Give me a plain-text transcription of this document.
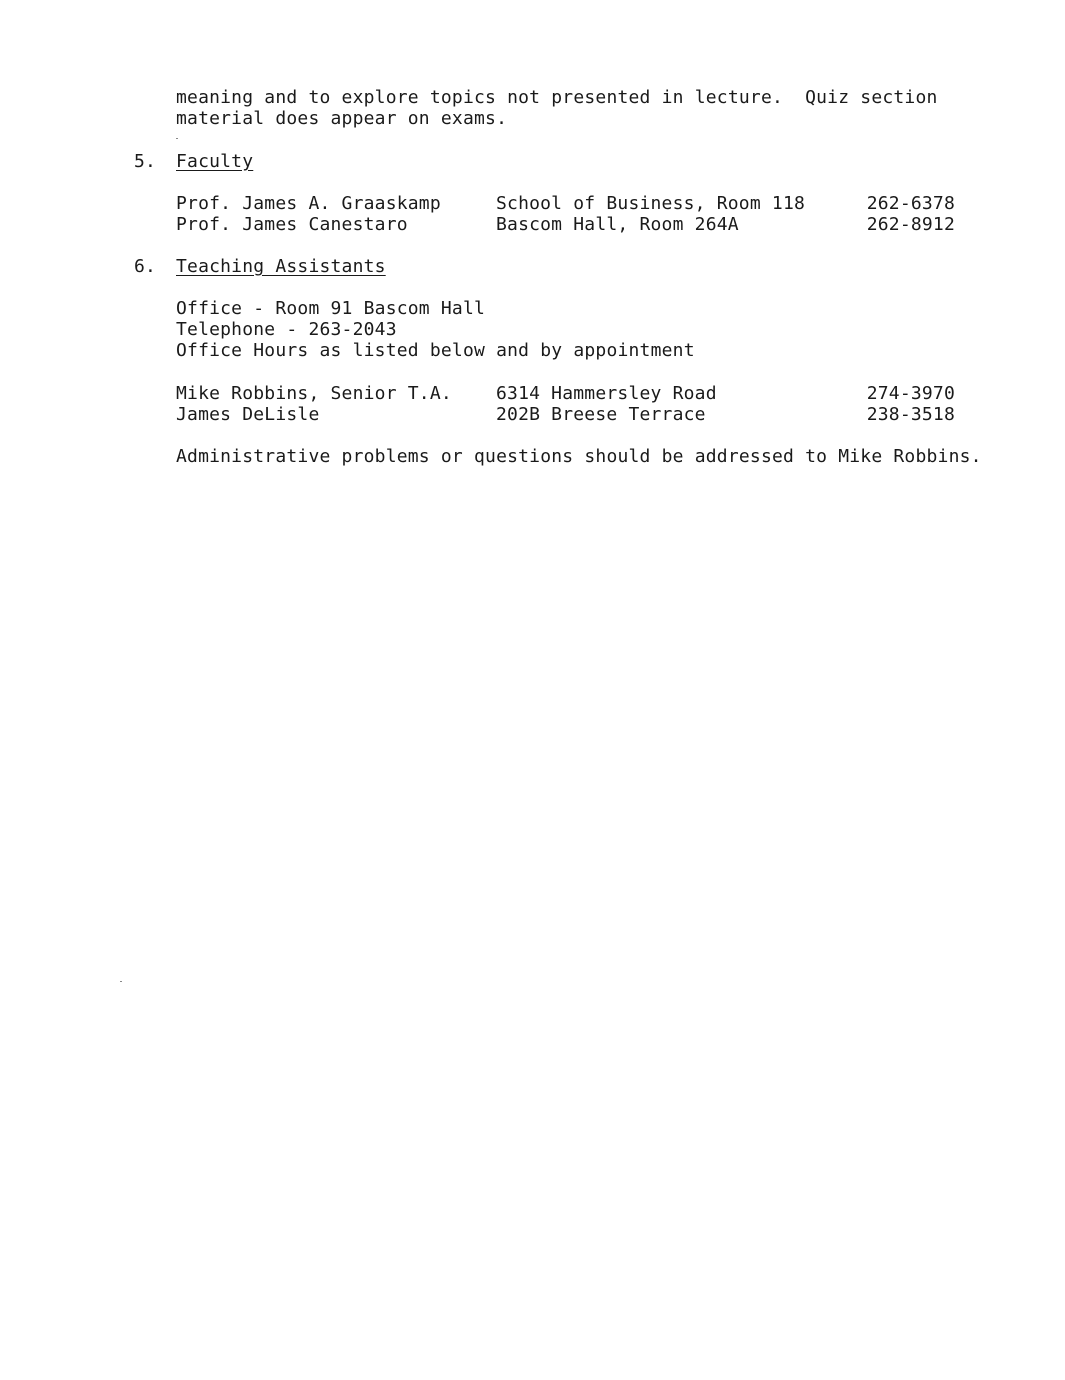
meaning and to explore topics not presented in lecture.  Quiz section
material does appear on exams.
5. Faculty
Prof. James A. Graaskamp	School of Business, Room 118	262-6378
Prof. James Canestaro	Bascom Hall, Room 264A	262-8912
6. Teaching Assistants
Office - Room 91 Bascom Hall
Telephone - 263-2043
Office Hours as listed below and by appointment
Mike Robbins, Senior T.A. 6314 Hammersley Road	274-3970
James DeLisle	202B Breese Terrace	238-3518
Administrative problems or questions should be addressed to Mike Robbins.
